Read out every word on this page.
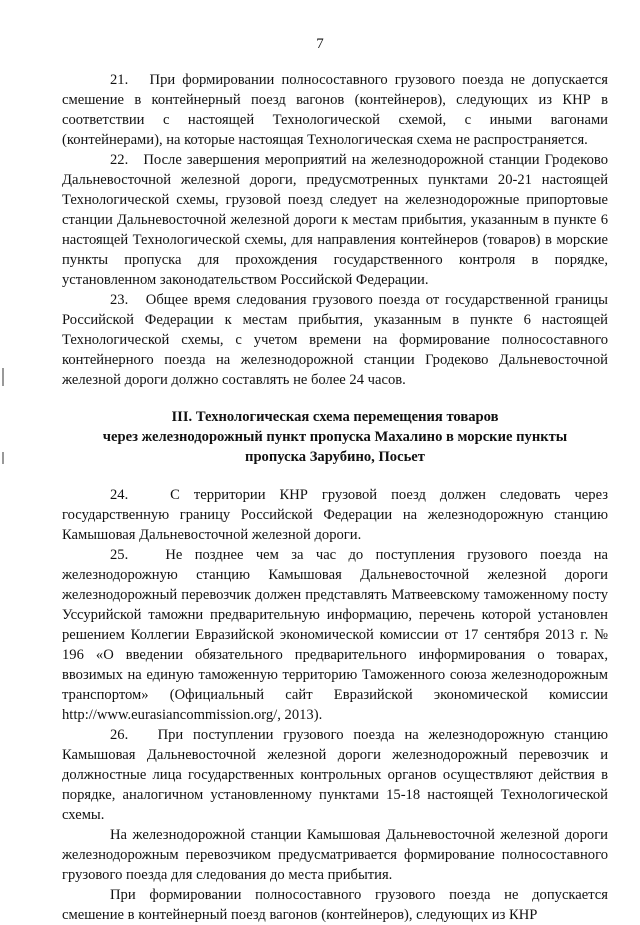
7

21.   При формировании полносоставного грузового поезда не допускается смешение в контейнерный поезд вагонов (контейнеров), следующих из КНР в соответствии с настоящей Технологической схемой, с иными вагонами (контейнерами), на которые настоящая Технологическая схема не распространяется.

22.   После завершения мероприятий на железнодорожной станции Гродеково Дальневосточной железной дороги, предусмотренных пунктами 20-21 настоящей Технологической схемы, грузовой поезд следует на железнодорожные припортовые станции Дальневосточной железной дороги к местам прибытия, указанным в пункте 6 настоящей Технологической схемы, для направления контейнеров (товаров) в морские пункты пропуска для прохождения государственного контроля в порядке, установленном законодательством Российской Федерации.

23.   Общее время следования грузового поезда от государственной границы Российской Федерации к местам прибытия, указанным в пункте 6 настоящей Технологической схемы, с учетом времени на формирование полносоставного контейнерного поезда на железнодорожной станции Гродеково Дальневосточной железной дороги должно составлять не более 24 часов.

III. Технологическая схема перемещения товаров
через железнодорожный пункт пропуска Махалино в морские пункты
пропуска Зарубино, Посьет

24.   С территории КНР грузовой поезд должен следовать через государственную границу Российской Федерации на железнодорожную станцию Камышовая Дальневосточной железной дороги.

25.   Не позднее чем за час до поступления грузового поезда на железнодорожную станцию Камышовая Дальневосточной железной дороги железнодорожный перевозчик должен представлять Матвеевскому таможенному посту Уссурийской таможни предварительную информацию, перечень которой установлен решением Коллегии Евразийской экономической комиссии от 17 сентября 2013 г. № 196 «О введении обязательного предварительного информирования о товарах, ввозимых на единую таможенную территорию Таможенного союза железнодорожным транспортом» (Официальный сайт Евразийской экономической комиссии http://www.eurasiancommission.org/, 2013).

26.   При поступлении грузового поезда на железнодорожную станцию Камышовая Дальневосточной железной дороги железнодорожный перевозчик и должностные лица государственных контрольных органов осуществляют действия в порядке, аналогичном установленному пунктами 15-18 настоящей Технологической схемы.

На железнодорожной станции Камышовая Дальневосточной железной дороги железнодорожным перевозчиком предусматривается формирование полносоставного грузового поезда для следования до места прибытия.

При формировании полносоставного грузового поезда не допускается смешение в контейнерный поезд вагонов (контейнеров), следующих из КНР
